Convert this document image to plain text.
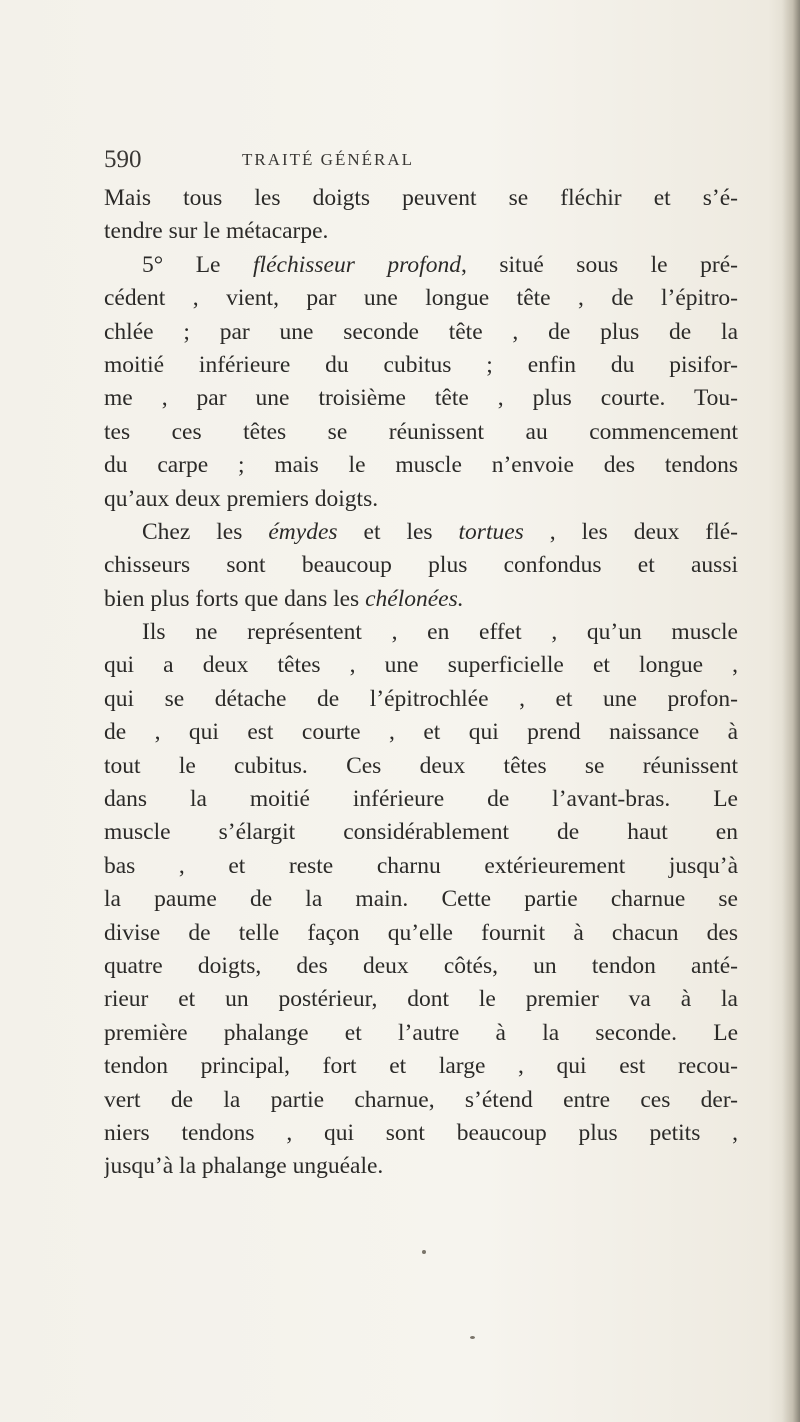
590	TRAITÉ GÉNÉRAL
Mais tous les doigts peuvent se fléchir et s’é-
tendre sur le métacarpe.
5° Le fléchisseur profond, situé sous le pré-
cédent , vient, par une longue tête , de l’épitro-
chlée ; par une seconde tête , de plus de la
moitié inférieure du cubitus ; enfin du pisifor-
me , par une troisième tête , plus courte. Tou-
tes ces têtes se réunissent au commencement
du carpe ; mais le muscle n’envoie des tendons
qu’aux deux premiers doigts.
Chez les émydes et les tortues , les deux flé-
chisseurs sont beaucoup plus confondus et aussi
bien plus forts que dans les chélonées.
Ils ne représentent , en effet , qu’un muscle
qui a deux têtes , une superficielle et longue ,
qui se détache de l’épitrochlée , et une profon-
de , qui est courte , et qui prend naissance à
tout le cubitus. Ces deux têtes se réunissent
dans la moitié inférieure de l’avant-bras. Le
muscle s’élargit considérablement de haut en
bas , et reste charnu extérieurement jusqu’à
la paume de la main. Cette partie charnue se
divise de telle façon qu’elle fournit à chacun des
quatre doigts, des deux côtés, un tendon anté-
rieur et un postérieur, dont le premier va à la
première phalange et l’autre à la seconde. Le
tendon principal, fort et large , qui est recou-
vert de la partie charnue, s’étend entre ces der-
niers tendons , qui sont beaucoup plus petits ,
jusqu’à la phalange unguéale.
